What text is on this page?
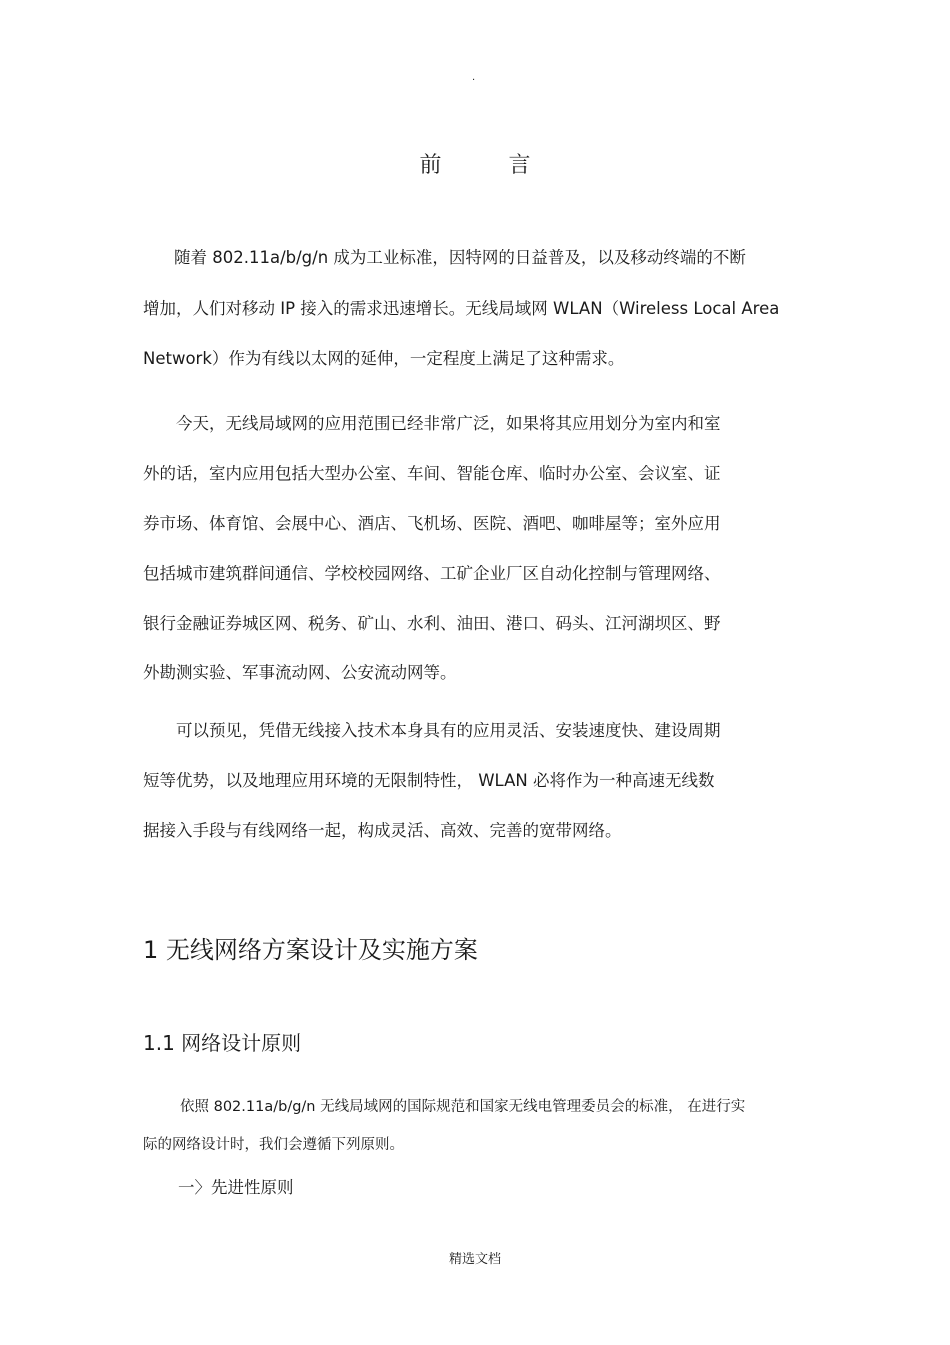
.
前 言
随着 802.11a/b/g/n 成为工业标准，因特网的日益普及，以及移动终端的不断
增加，人们对移动 IP 接入的需求迅速增长。无线局域网 WLAN（Wireless Local Area
Network）作为有线以太网的延伸，一定程度上满足了这种需求。
今天，无线局域网的应用范围已经非常广泛，如果将其应用划分为室内和室
外的话，室内应用包括大型办公室、车间、智能仓库、临时办公室、会议室、证
券市场、体育馆、会展中心、酒店、飞机场、医院、酒吧、咖啡屋等；室外应用
包括城市建筑群间通信、学校校园网络、工矿企业厂区自动化控制与管理网络、
银行金融证券城区网、税务、矿山、水利、油田、港口、码头、江河湖坝区、野
外勘测实验、军事流动网、公安流动网等。
可以预见，凭借无线接入技术本身具有的应用灵活、安装速度快、建设周期
短等优势，以及地理应用环境的无限制特性， WLAN 必将作为一种高速无线数
据接入手段与有线网络一起，构成灵活、高效、完善的宽带网络。
1 无线网络方案设计及实施方案
1.1 网络设计原则
依照 802.11a/b/g/n 无线局域网的国际规范和国家无线电管理委员会的标准， 在进行实
际的网络设计时，我们会遵循下列原则。
一〉先进性原则
精选文档
